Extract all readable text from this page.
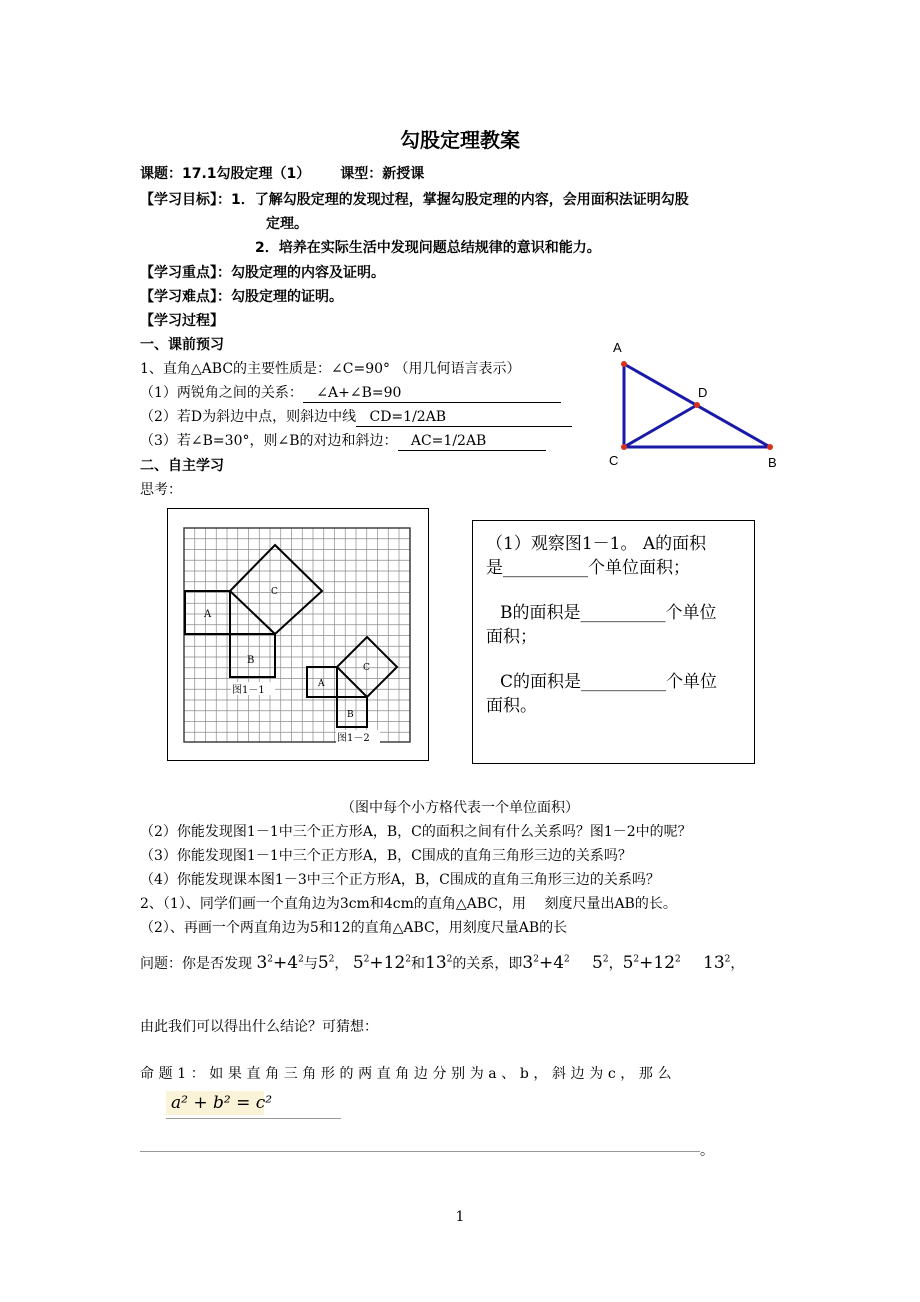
勾股定理教案
课题：17.1勾股定理（1） 课型：新授课
【学习目标】：1．了解勾股定理的发现过程，掌握勾股定理的内容，会用面积法证明勾股
定理。
2．培养在实际生活中发现问题总结规律的意识和能力。
【学习重点】：勾股定理的内容及证明。
【学习难点】：勾股定理的证明。
【学习过程】
一、课前预习
1、直角△ABC的主要性质是：∠C=90° （用几何语言表示）
（1）两锐角之间的关系： ∠A+∠B=90
（2）若D为斜边中点，则斜边中线 CD=1/2AB
（3）若∠B=30°，则∠B的对边和斜边： AC=1/2AB
A
C	B
D
二、自主学习
思考：
A
B
C
图1－1
A
B
C
图1－2
（1）观察图1－1。 A的面积
是__________个单位面积；
B的面积是__________个单位
面积；
C的面积是__________个单位
面积。
（图中每个小方格代表一个单位面积）
（2）你能发现图1－1中三个正方形A，B，C的面积之间有什么关系吗？图1－2中的呢？
（3）你能发现图1－1中三个正方形A，B，C围成的直角三角形三边的关系吗？
（4）你能发现课本图1－3中三个正方形A，B，C围成的直角三角形三边的关系吗？
2、（1）、同学们画一个直角边为3cm和4cm的直角△ABC，用　 刻度尺量出AB的长。
（2）、再画一个两直角边为5和12的直角△ABC，用刻度尺量AB的长
问题：你是否发现 $3^2+4^2$与$5^2$， $5^2+12^2$和$13^2$的关系，即$3^2+4^2$ $5^2$，$5^2+12^2$ $13^2$，
由此我们可以得出什么结论？可猜想：
命题1：如果直角三角形的两直角边分别为a、b，斜边为c，那么
a² + b² = c²
。
1
